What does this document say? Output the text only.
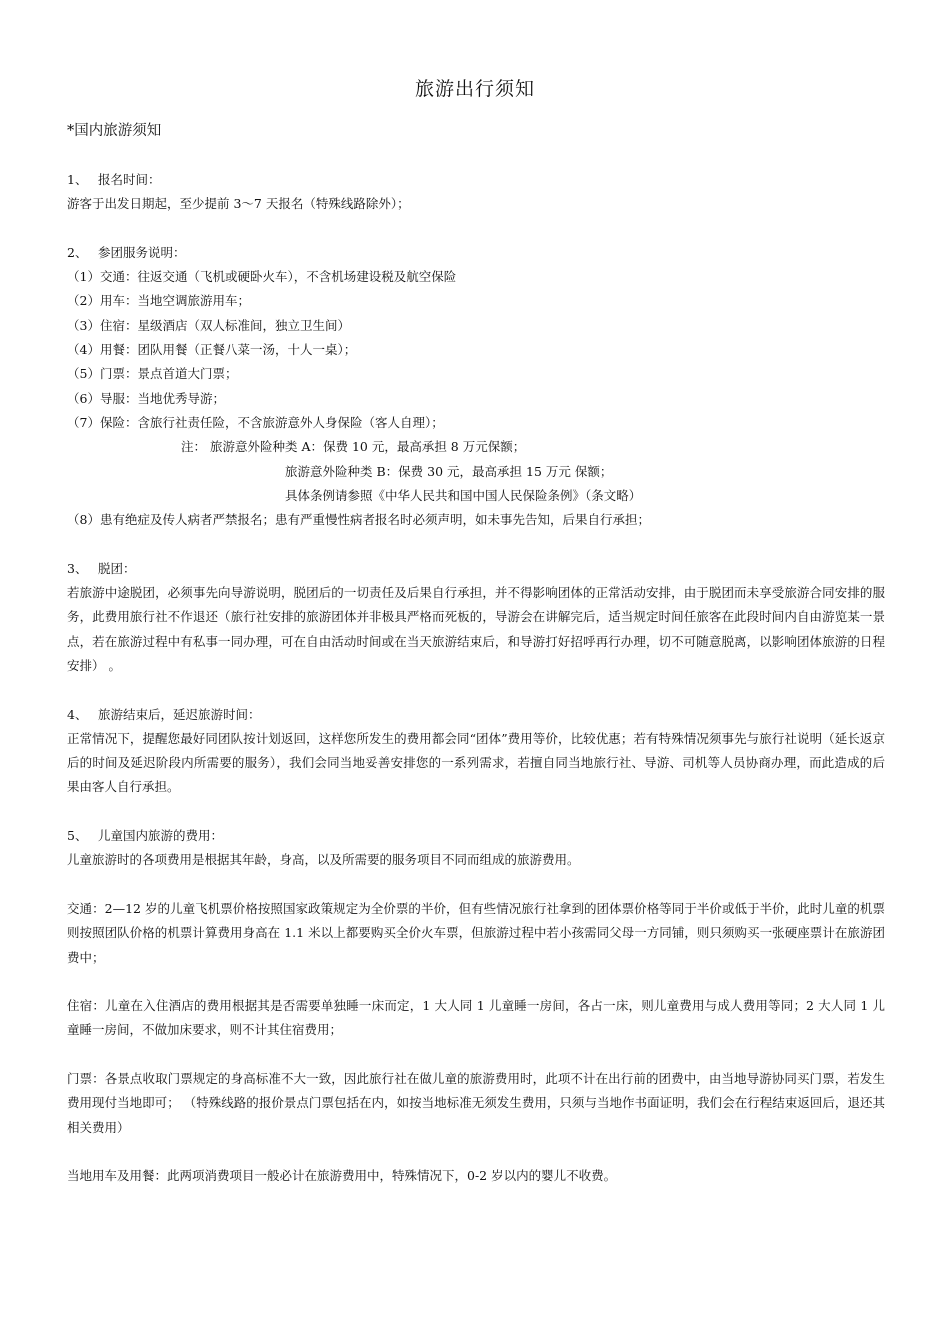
旅游出行须知
*国内旅游须知
1、 报名时间：
游客于出发日期起，至少提前 3～7 天报名（特殊线路除外）；
2、 参团服务说明：
（1）交通：往返交通（飞机或硬卧火车），不含机场建设税及航空保险
（2）用车：当地空调旅游用车；
（3）住宿：星级酒店（双人标准间，独立卫生间）
（4）用餐：团队用餐（正餐八菜一汤，十人一桌）；
（5）门票：景点首道大门票；
（6）导服：当地优秀导游；
（7）保险：含旅行社责任险，不含旅游意外人身保险（客人自理）；
注： 旅游意外险种类 A：保费 10 元，最高承担 8 万元保额；
旅游意外险种类 B：保费 30 元，最高承担 15 万元 保额；
具体条例请参照《中华人民共和国中国人民保险条例》（条文略）
（8）患有绝症及传人病者严禁报名；患有严重慢性病者报名时必须声明，如未事先告知，后果自行承担；
3、 脱团：
若旅游中途脱团，必须事先向导游说明，脱团后的一切责任及后果自行承担，并不得影响团体的正常活动安排，由于脱团而未享受旅游合同安排的服务，此费用旅行社不作退还（旅行社安排的旅游团体并非极具严格而死板的，导游会在讲解完后，适当规定时间任旅客在此段时间内自由游览某一景点，若在旅游过程中有私事一同办理，可在自由活动时间或在当天旅游结束后，和导游打好招呼再行办理，切不可随意脱离，以影响团体旅游的日程安排） 。
4、 旅游结束后，延迟旅游时间：
正常情况下，提醒您最好同团队按计划返回，这样您所发生的费用都会同“团体”费用等价，比较优惠；若有特殊情况须事先与旅行社说明（延长返京后的时间及延迟阶段内所需要的服务），我们会同当地妥善安排您的一系列需求，若擅自同当地旅行社、导游、司机等人员协商办理，而此造成的后果由客人自行承担。
5、 儿童国内旅游的费用：
儿童旅游时的各项费用是根据其年龄，身高，以及所需要的服务项目不同而组成的旅游费用。
交通：2—12 岁的儿童飞机票价格按照国家政策规定为全价票的半价，但有些情况旅行社拿到的团体票价格等同于半价或低于半价，此时儿童的机票则按照团队价格的机票计算费用身高在 1.1 米以上都要购买全价火车票，但旅游过程中若小孩需同父母一方同铺，则只须购买一张硬座票计在旅游团费中；
住宿：儿童在入住酒店的费用根据其是否需要单独睡一床而定，1 大人同 1 儿童睡一房间，各占一床，则儿童费用与成人费用等同；2 大人同 1 儿童睡一房间，不做加床要求，则不计其住宿费用；
门票：各景点收取门票规定的身高标准不大一致，因此旅行社在做儿童的旅游费用时，此项不计在出行前的团费中，由当地导游协同买门票，若发生费用现付当地即可； （特殊线路的报价景点门票包括在内，如按当地标准无须发生费用，只须与当地作书面证明，我们会在行程结束返回后，退还其相关费用）
当地用车及用餐：此两项消费项目一般必计在旅游费用中，特殊情况下，0-2 岁以内的婴儿不收费。
